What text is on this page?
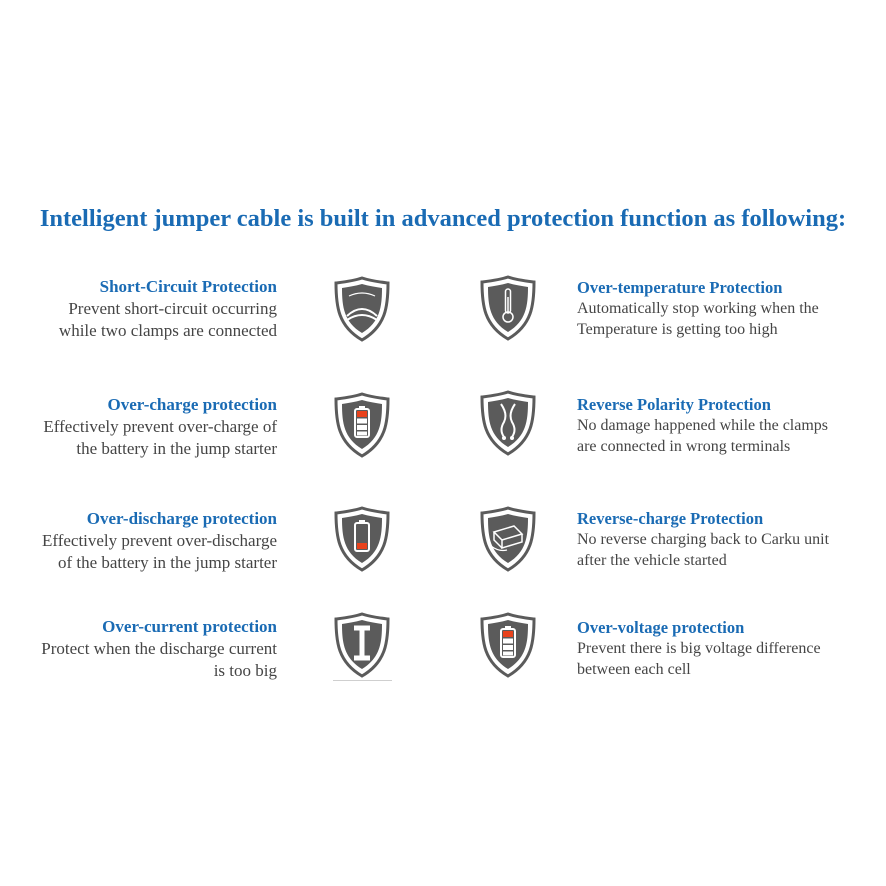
Intelligent jumper cable is built in advanced protection function as following:
Short-Circuit Protection
Prevent short-circuit occurring
while two clamps are connected
Over-charge protection
Effectively prevent over-charge of
the battery in the jump starter
Over-discharge protection
Effectively prevent over-discharge
of the battery in the jump starter
Over-current protection
Protect when the discharge current
is too big
Over-temperature Protection
Automatically stop working when the
Temperature is getting too high
Reverse Polarity Protection
No damage happened while the clamps
are connected in wrong terminals
Reverse-charge Protection
No reverse charging back to Carku unit
after the vehicle started
Over-voltage protection
Prevent there is big voltage difference
between each cell
